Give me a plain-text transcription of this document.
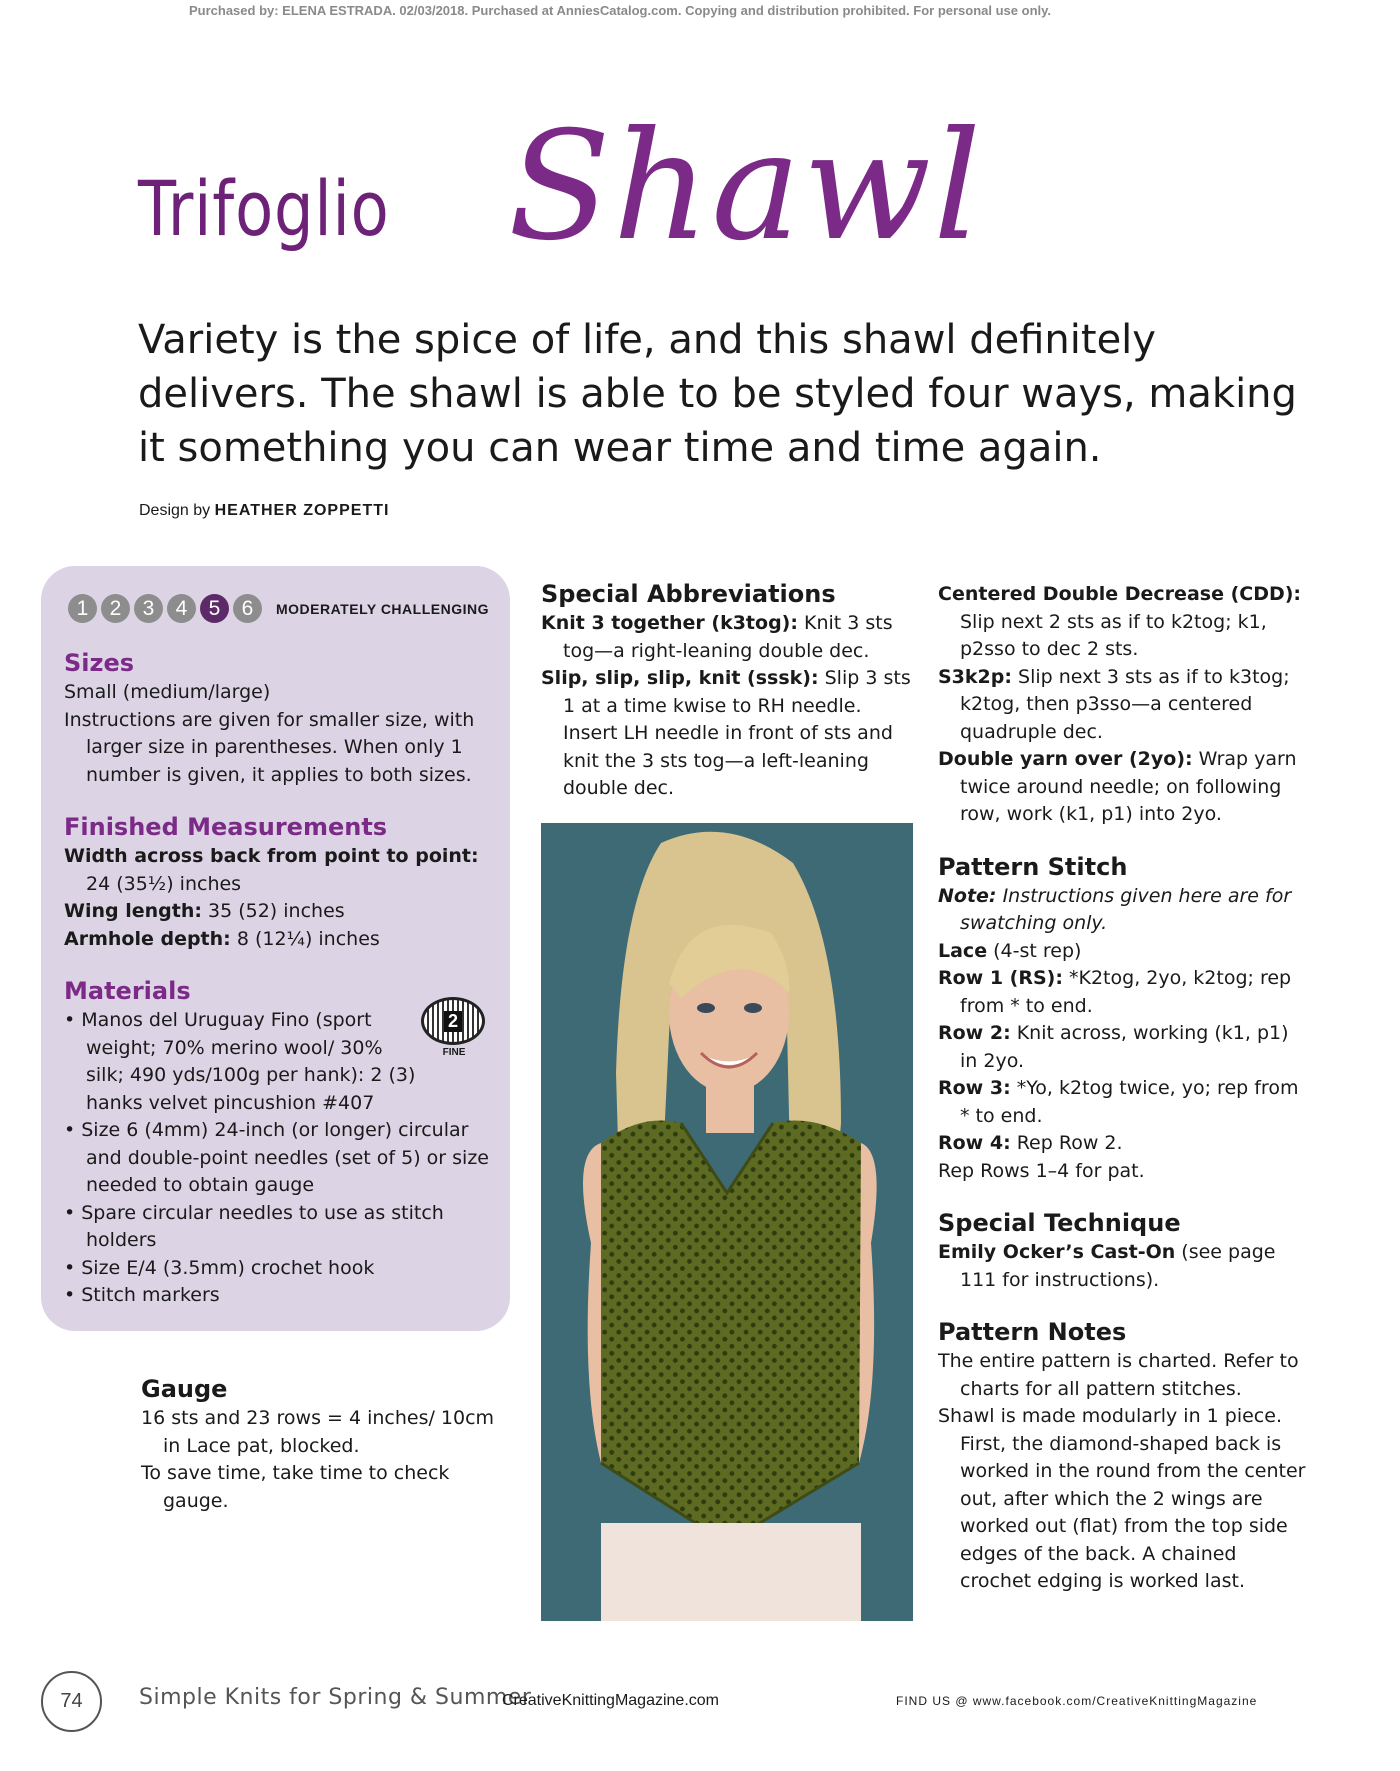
Purchased by: ELENA ESTRADA. 02/03/2018. Purchased at AnniesCatalog.com. Copying and distribution prohibited. For personal use only.
Trifoglio Shawl
Variety is the spice of life, and this shawl definitely
delivers. The shawl is able to be styled four ways, making
it something you can wear time and time again.
Design by HEATHER ZOPPETTI
1	2	3	4	5	6	MODERATELY CHALLENGING
Sizes

Small (medium/large)

Instructions are given for smaller size, with larger size in parentheses. When only 1 number is given, it applies to both sizes.

Finished Measurements

Width across back from point to point: 24 (35½) inches

Wing length: 35 (52) inches

Armhole depth: 8 (12¼) inches

Materials

• Manos del Uruguay Fino (sport weight; 70% merino wool/ 30% silk; 490 yds/100g per hank): 2 (3) hanks velvet pincushion #407

• Size 6 (4mm) 24-inch (or longer) circular and double-point needles (set of 5) or size needed to obtain gauge

• Spare circular needles to use as stitch holders

• Size E/4 (3.5mm) crochet hook

• Stitch markers

2
FINE
Gauge

16 sts and 23 rows = 4 inches/ 10cm in Lace pat, blocked.

To save time, take time to check gauge.

Special Abbreviations

Knit 3 together (k3tog): Knit 3 sts tog—a right-leaning double dec.

Slip, slip, slip, knit (sssk): Slip 3 sts 1 at a time kwise to RH needle. Insert LH needle in front of sts and knit the 3 sts tog—a left-leaning double dec.

Centered Double Decrease (CDD): Slip next 2 sts as if to k2tog; k1, p2sso to dec 2 sts.

S3k2p: Slip next 3 sts as if to k3tog; k2tog, then p3sso—a centered quadruple dec.

Double yarn over (2yo): Wrap yarn twice around needle; on following row, work (k1, p1) into 2yo.

Pattern Stitch

Note: Instructions given here are for swatching only.

Lace (4-st rep)

Row 1 (RS): *K2tog, 2yo, k2tog; rep from * to end.

Row 2: Knit across, working (k1, p1) in 2yo.

Row 3: *Yo, k2tog twice, yo; rep from * to end.

Row 4: Rep Row 2.

Rep Rows 1–4 for pat.

Special Technique

Emily Ocker’s Cast-On (see page 111 for instructions).

Pattern Notes

The entire pattern is charted. Refer to charts for all pattern stitches.

Shawl is made modularly in 1 piece. First, the diamond-shaped back is worked in the round from the center out, after which the 2 wings are worked out (flat) from the top side edges of the back. A chained crochet edging is worked last.

74	Simple Knits for Spring & Summer
CreativeKnittingMagazine.com	FIND US @ www.facebook.com/CreativeKnittingMagazine
